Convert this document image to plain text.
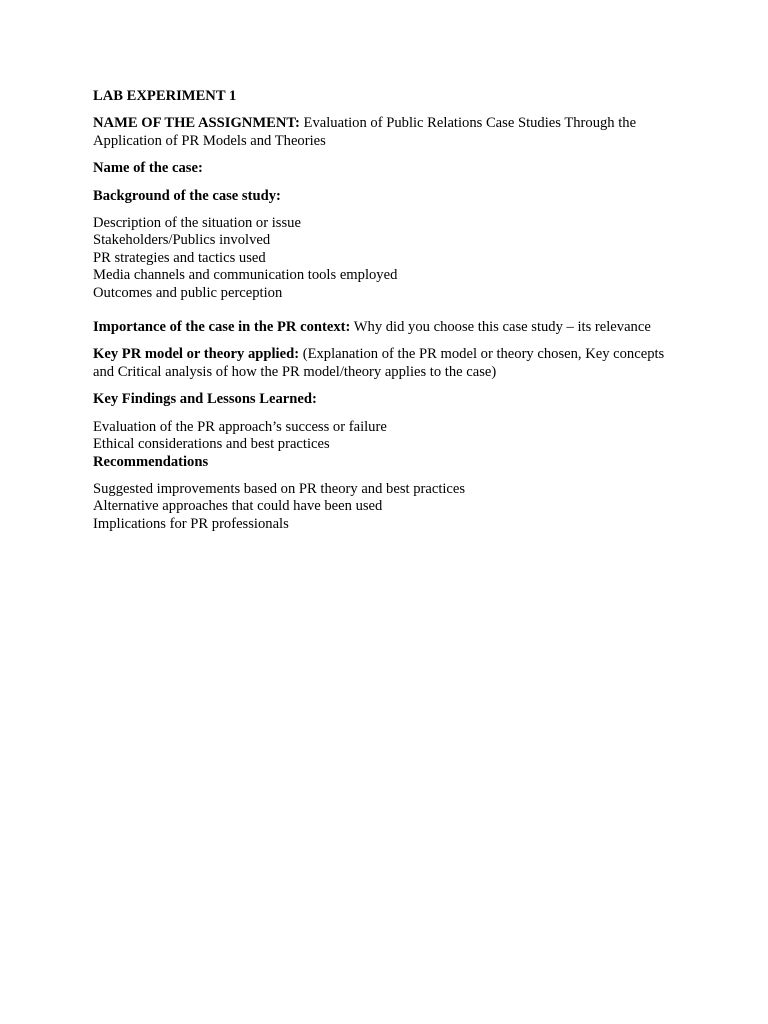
LAB EXPERIMENT 1

NAME OF THE ASSIGNMENT: Evaluation of Public Relations Case Studies Through the Application of PR Models and Theories

Name of the case:

Background of the case study:

Description of the situation or issue
Stakeholders/Publics involved
PR strategies and tactics used
Media channels and communication tools employed
Outcomes and public perception

Importance of the case in the PR context: Why did you choose this case study – its relevance

Key PR model or theory applied: (Explanation of the PR model or theory chosen, Key concepts and Critical analysis of how the PR model/theory applies to the case)

Key Findings and Lessons Learned:

Evaluation of the PR approach’s success or failure
Ethical considerations and best practices

Recommendations

Suggested improvements based on PR theory and best practices
Alternative approaches that could have been used
Implications for PR professionals
